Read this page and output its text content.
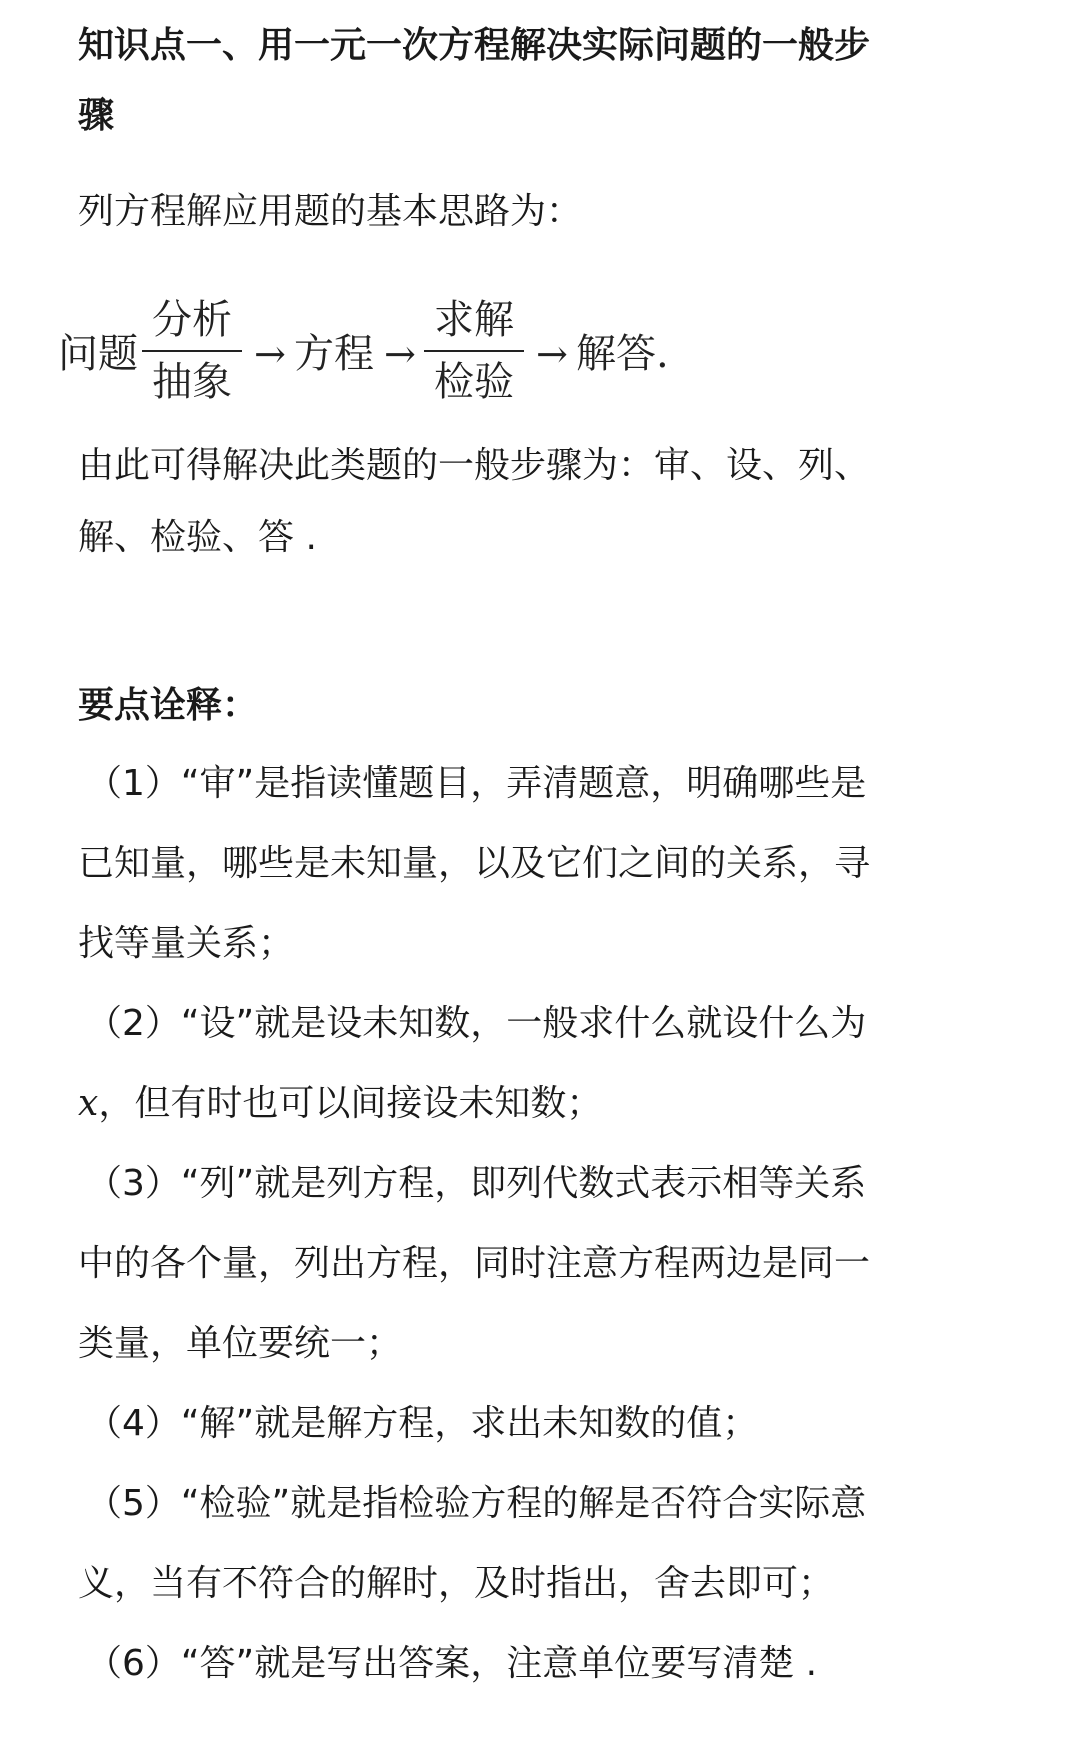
知识点一、用一元一次方程解决实际问题的一般步
骤
列方程解应用题的基本思路为：
问题
分析
抽象
→ 方程 →
求解
检验
→ 解答.
由此可得解决此类题的一般步骤为：审、设、列、
解、检验、答 .
要点诠释：
（1）“审”是指读懂题目，弄清题意，明确哪些是
已知量，哪些是未知量，以及它们之间的关系，寻
找等量关系；
（2）“设”就是设未知数，一般求什么就设什么为
x，但有时也可以间接设未知数；
（3）“列”就是列方程，即列代数式表示相等关系
中的各个量，列出方程，同时注意方程两边是同一
类量，单位要统一；
（4）“解”就是解方程，求出未知数的值；
（5）“检验”就是指检验方程的解是否符合实际意
义，当有不符合的解时，及时指出，舍去即可；
（6）“答”就是写出答案，注意单位要写清楚 .
